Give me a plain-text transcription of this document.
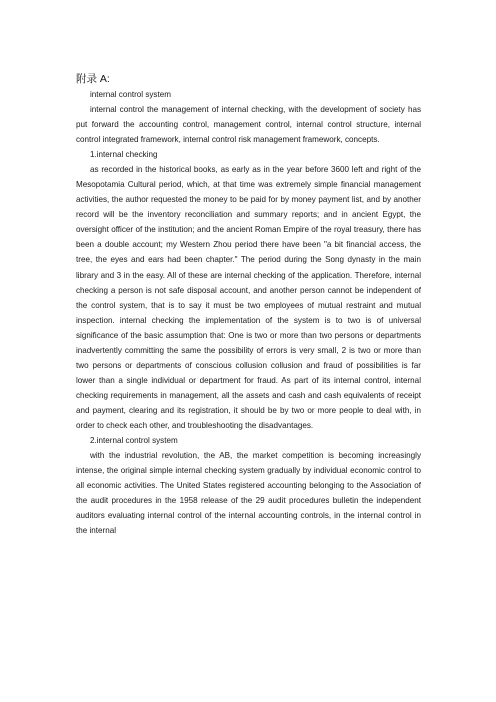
附录 A:
internal control system

internal control the management of internal checking, with the development of society has put forward the accounting control, management control, internal control structure, internal control integrated framework, internal control risk management framework, concepts.

1.internal checking

as recorded in the historical books, as early as in the year before 3600 left and right of the Mesopotamia Cultural period, which, at that time was extremely simple financial management activities, the author requested the money to be paid for by money payment list, and by another record will be the inventory reconciliation and summary reports; and in ancient Egypt, the oversight officer of the institution; and the ancient Roman Empire of the royal treasury, there has been a double account; my Western Zhou period there have been "a bit financial access, the tree, the eyes and ears had been chapter." The period during the Song dynasty in the main library and 3 in the easy. All of these are internal checking of the application. Therefore, internal checking a person is not safe disposal account, and another person cannot be independent of the control system, that is to say it must be two employees of mutual restraint and mutual inspection. internal checking the implementation of the system is to two is of universal significance of the basic assumption that: One is two or more than two persons or departments inadvertently committing the same the possibility of errors is very small, 2 is two or more than two persons or departments of conscious collusion collusion and fraud of possibilities is far lower than a single individual or department for fraud. As part of its internal control, internal checking requirements in management, all the assets and cash and cash equivalents of receipt and payment, clearing and its registration, it should be by two or more people to deal with, in order to check each other, and troubleshooting the disadvantages.

2.internal control system

with the industrial revolution, the AB, the market competition is becoming increasingly intense, the original simple internal checking system gradually by individual economic control to all economic activities. The United States registered accounting belonging to the Association of the audit procedures in the 1958 release of the 29 audit procedures bulletin the independent auditors evaluating internal control of the internal accounting controls, in the internal control in the internal
